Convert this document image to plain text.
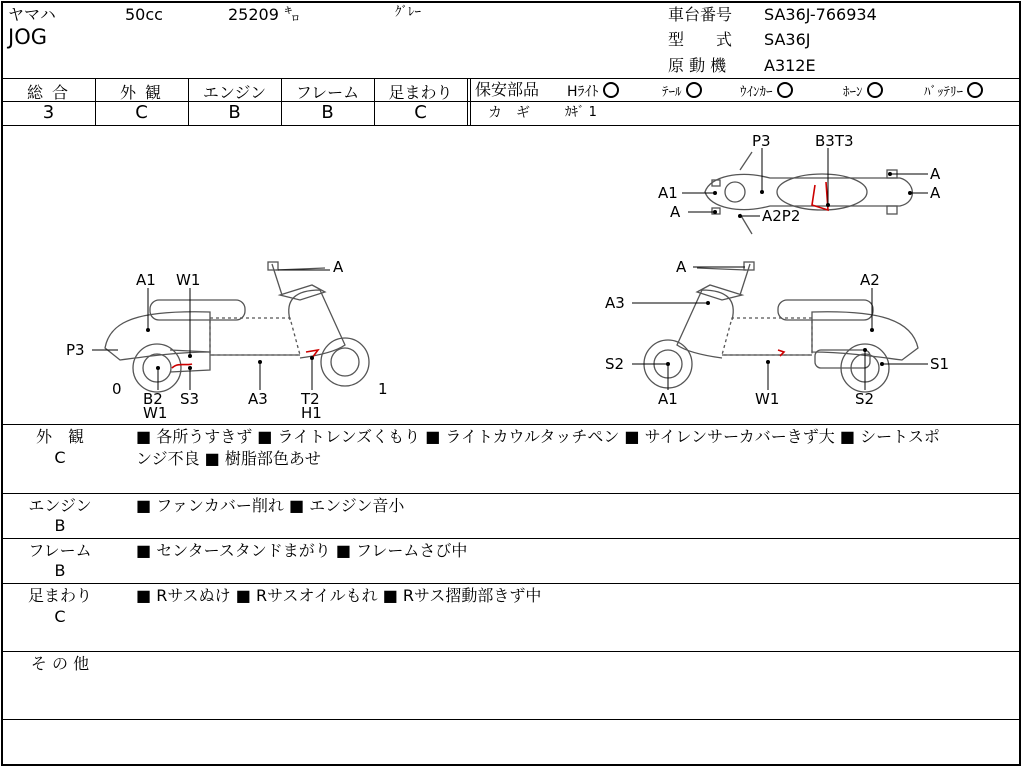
ヤマハ	50cc	25209 ㌔	ｸﾞﾚｰ
JOG
車台番号 SA36J-766934
型　　式 SA36J
原 動 機 A312E
総 合	外 観	エンジン	フレーム	足まわり
3	C	B	B	C
保安部品 Hﾗｲﾄ	ﾃｰﾙ	ｳｲﾝｶｰ	ﾎｰﾝ	ﾊﾞｯﾃﾘｰ
カ　ギ	ｶｷﾞ 1
A
A1 W1
P3
B2
W1
S3	A3 T2
H1
0	1
A
A2
A3
S2
A1	W1	S2
S1
P3	B3T3
A
A1
A
A
A2P2
外　観
C
■ 各所うすきず ■ ライトレンズくもり ■ ライトカウルタッチペン ■ サイレンサーカバーきず大 ■ シートスポ
ンジ不良 ■ 樹脂部色あせ
エンジン
B
■ ファンカバー削れ ■ エンジン音小
フレーム
B
■ センタースタンドまがり ■ フレームさび中
足まわり
C
■ Rサスぬけ ■ Rサスオイルもれ ■ Rサス摺動部きず中
そ の 他
